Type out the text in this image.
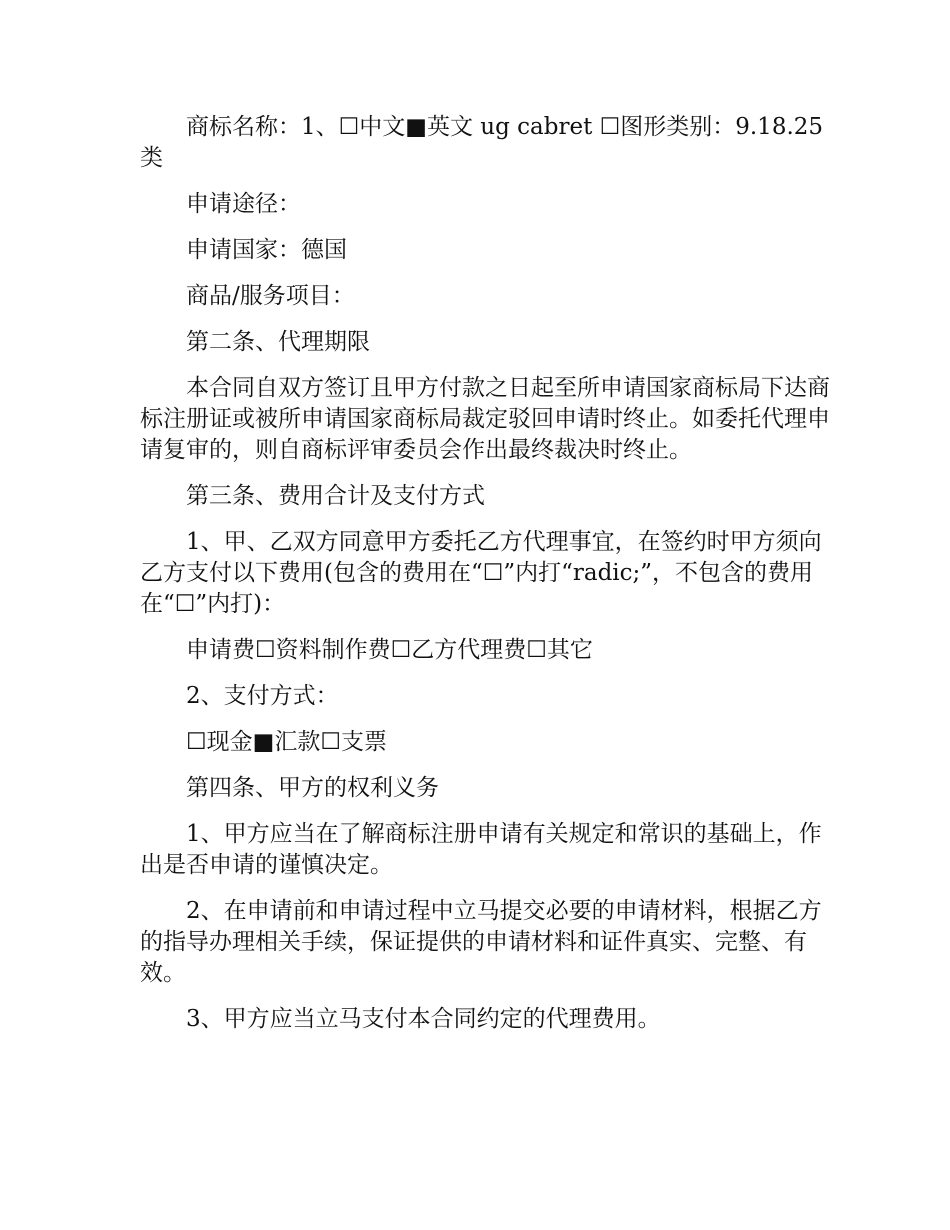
商标名称：1、☐中文■英文 ug cabret ☐图形类别：9.18.25类

申请途径：

申请国家：德国

商品/服务项目：

第二条、代理期限

本合同自双方签订且甲方付款之日起至所申请国家商标局下达商标注册证或被所申请国家商标局裁定驳回申请时终止。如委托代理申请复审的，则自商标评审委员会作出最终裁决时终止。

第三条、费用合计及支付方式

1、甲、乙双方同意甲方委托乙方代理事宜，在签约时甲方须向乙方支付以下费用(包含的费用在“☐”内打“radic;”，不包含的费用在“☐”内打)：

申请费☐资料制作费☐乙方代理费☐其它

2、支付方式：

☐现金■汇款☐支票

第四条、甲方的权利义务

1、甲方应当在了解商标注册申请有关规定和常识的基础上，作出是否申请的谨慎决定。

2、在申请前和申请过程中立马提交必要的申请材料，根据乙方的指导办理相关手续，保证提供的申请材料和证件真实、完整、有效。

3、甲方应当立马支付本合同约定的代理费用。
